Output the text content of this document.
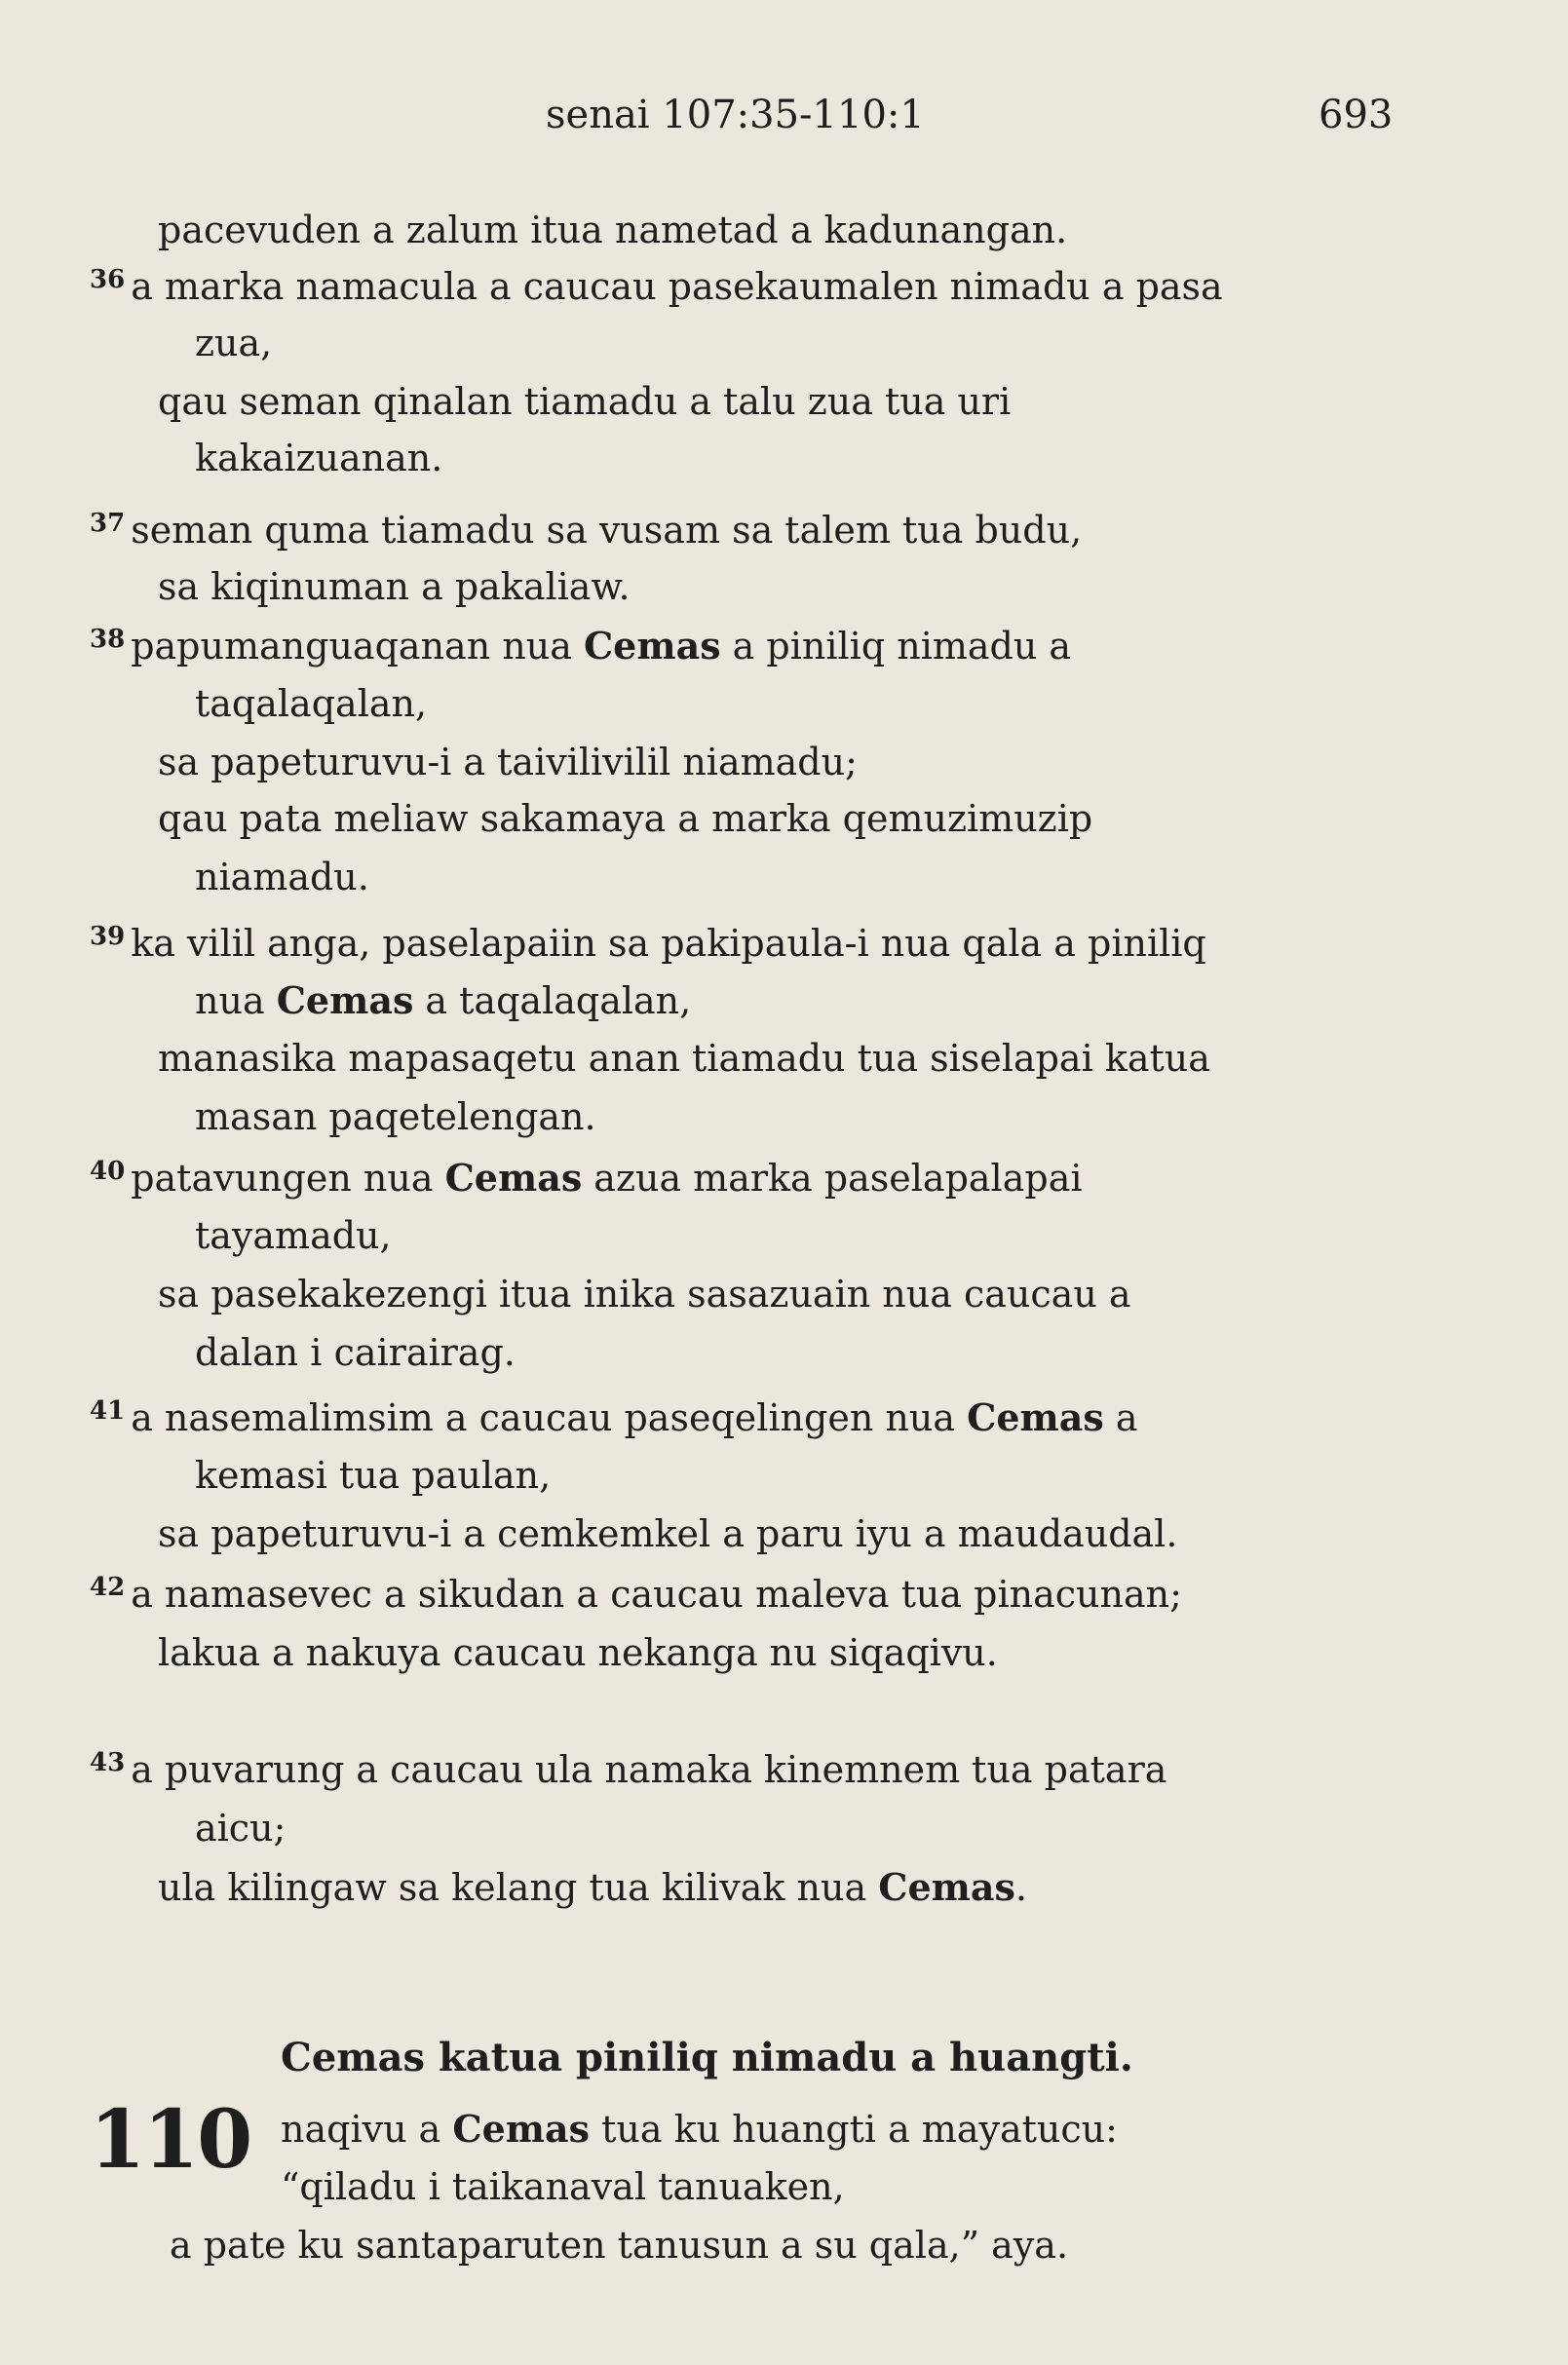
senai 107:35-110:1	693
pacevuden a zalum itua nametad a kadunangan.
$^{36}$ a marka namacula a caucau pasekaumalen nimadu a pasa
zua,
qau seman qinalan tiamadu a talu zua tua uri
kakaizuanan.
$^{37}$ seman quma tiamadu sa vusam sa talem tua budu,
sa kiqinuman a pakaliaw.
$^{38}$ papumanguaqanan nua Cemas a piniliq nimadu a
taqalaqalan,
sa papeturuvu-i a taivilivilil niamadu;
qau pata meliaw sakamaya a marka qemuzimuzip
niamadu.
$^{39}$ ka vilil anga, paselapaiin sa pakipaula-i nua qala a piniliq
nua Cemas a taqalaqalan,
manasika mapasaqetu anan tiamadu tua siselapai katua
masan paqetelengan.
$^{40}$ patavungen nua Cemas azua marka paselapalapai
tayamadu,
sa pasekakezengi itua inika sasazuain nua caucau a
dalan i cairairag.
$^{41}$ a nasemalimsim a caucau paseqelingen nua Cemas a
kemasi tua paulan,
sa papeturuvu-i a cemkemkel a paru iyu a maudaudal.
$^{42}$ a namasevec a sikudan a caucau maleva tua pinacunan;
lakua a nakuya caucau nekanga nu siqaqivu.
$^{43}$ a puvarung a caucau ula namaka kinemnem tua patara
aicu;
ula kilingaw sa kelang tua kilivak nua Cemas.
Cemas katua piniliq nimadu a huangti.
110 naqivu a Cemas tua ku huangti a mayatucu:
“qiladu i taikanaval tanuaken,
a pate ku santaparuten tanusun a su qala,” aya.
